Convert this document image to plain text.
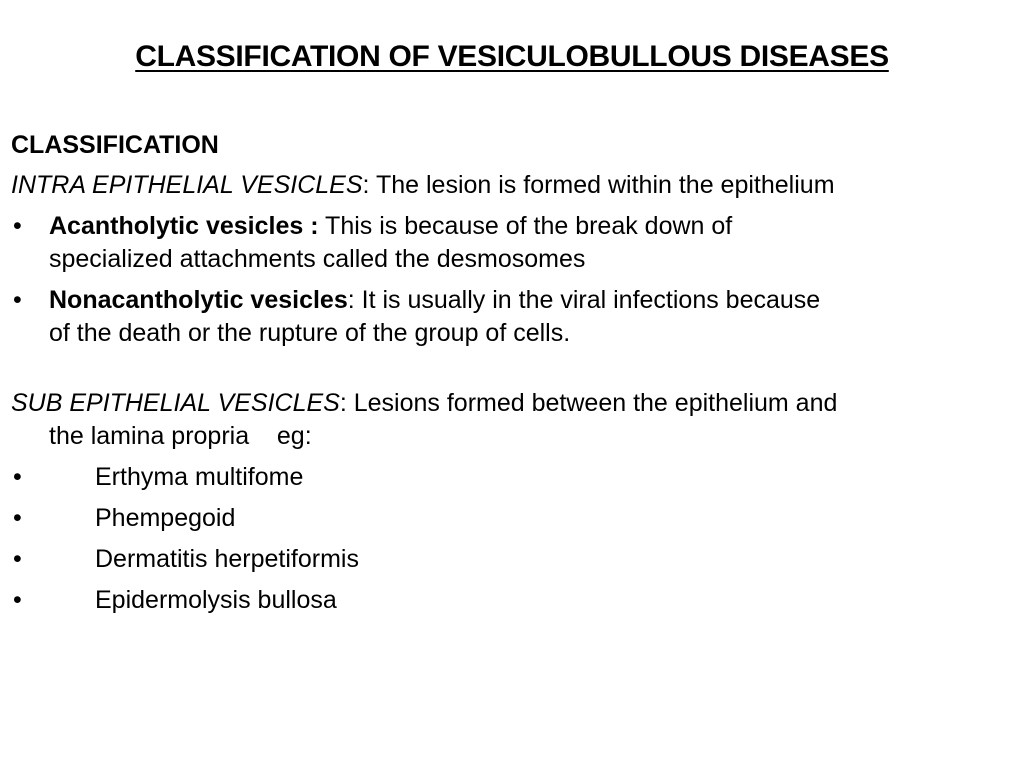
CLASSIFICATION OF VESICULOBULLOUS DISEASES
CLASSIFICATION
INTRA EPITHELIAL VESICLES: The lesion is formed within the epithelium
• Acantholytic vesicles : This is because of the break down of
specialized attachments called the desmosomes
• Nonacantholytic vesicles: It is usually in the viral infections because
of the death or the rupture of the group of cells.
SUB EPITHELIAL VESICLES: Lesions formed between the epithelium and
the lamina propria    eg:
•	Erthyma multifome
•	Phempegoid
•	Dermatitis herpetiformis
•	Epidermolysis bullosa
